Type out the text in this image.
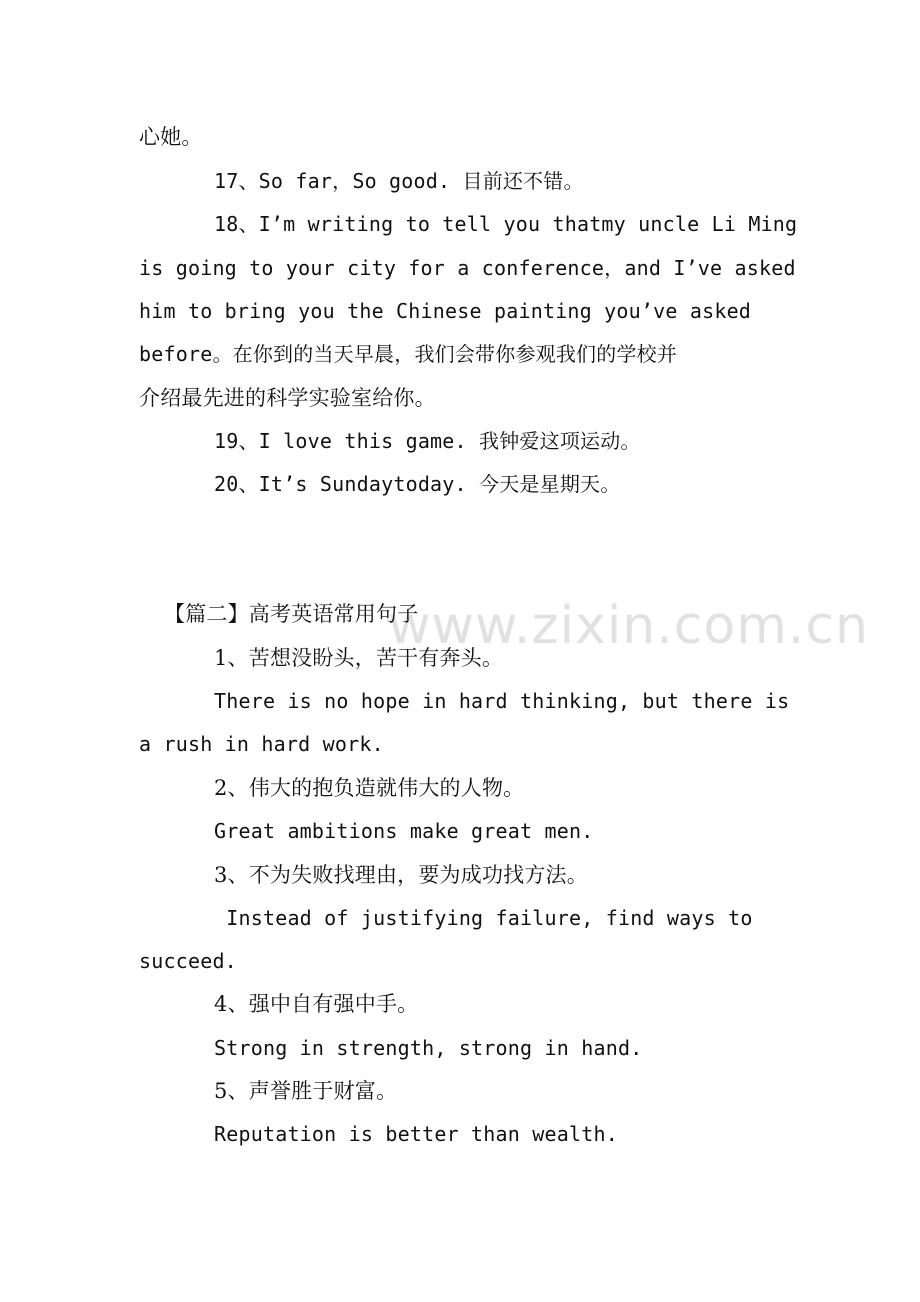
www.zixin.com.cn
心她。
17、So far，So good. 目前还不错。
18、I’m writing to tell you thatmy uncle Li Ming
is going to your city for a conference，and I’ve asked
him to bring you the Chinese painting you’ve asked
before。在你到的当天早晨，我们会带你参观我们的学校并
介绍最先进的科学实验室给你。
19、I love this game. 我钟爱这项运动。
20、It’s Sundaytoday. 今天是星期天。
【篇二】高考英语常用句子
1、苦想没盼头，苦干有奔头。
There is no hope in hard thinking, but there is
a rush in hard work.
2、伟大的抱负造就伟大的人物。
Great ambitions make great men.
3、不为失败找理由，要为成功找方法。
Instead of justifying failure, find ways to
succeed.
4、强中自有强中手。
Strong in strength, strong in hand.
5、声誉胜于财富。
Reputation is better than wealth.
